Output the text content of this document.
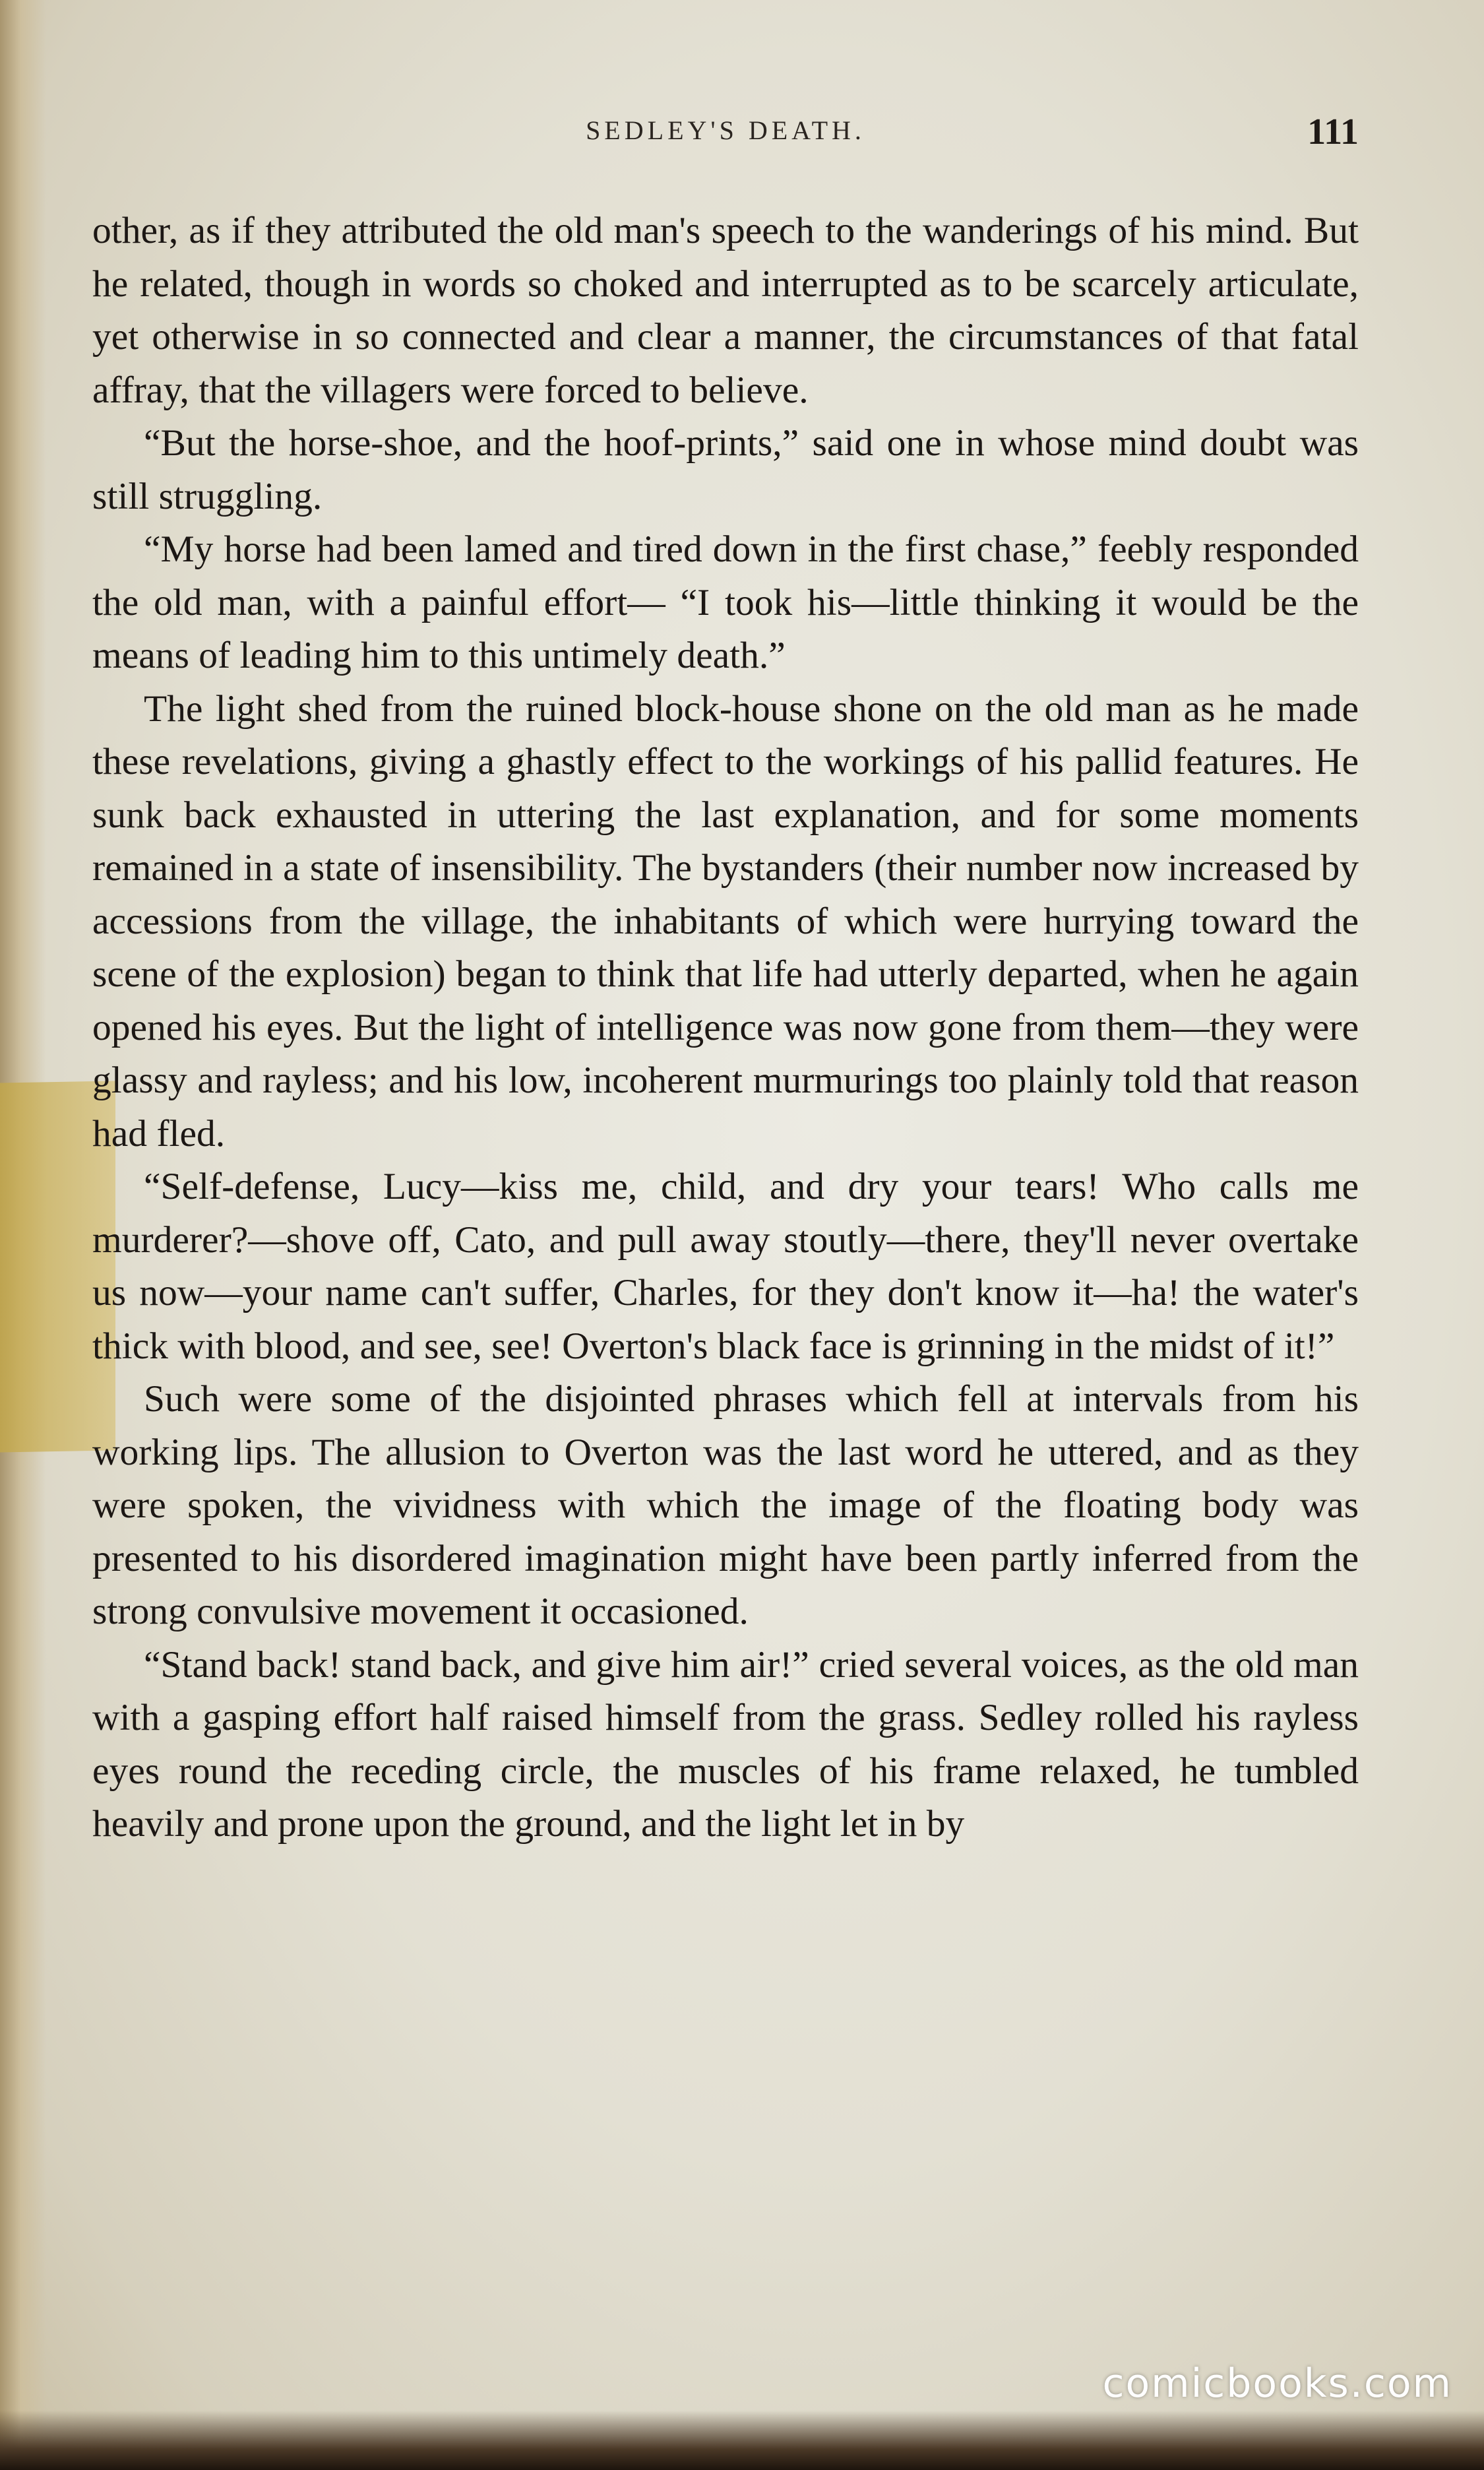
SEDLEY'S DEATH.	111

other, as if they attributed the old man's speech to the wanderings of his mind. But he related, though in words so choked and interrupted as to be scarcely articulate, yet otherwise in so connected and clear a manner, the circumstances of that fatal affray, that the villagers were forced to believe.

“But the horse-shoe, and the hoof-prints,” said one in whose mind doubt was still struggling.

“My horse had been lamed and tired down in the first chase,” feebly responded the old man, with a painful effort— “I took his—little thinking it would be the means of leading him to this untimely death.”

The light shed from the ruined block-house shone on the old man as he made these revelations, giving a ghastly effect to the workings of his pallid features. He sunk back exhausted in uttering the last explanation, and for some moments remained in a state of insensibility. The bystanders (their number now increased by accessions from the village, the inhabitants of which were hurrying toward the scene of the explosion) began to think that life had utterly departed, when he again opened his eyes. But the light of intelligence was now gone from them—they were glassy and rayless; and his low, incoherent murmurings too plainly told that reason had fled.

“Self-defense, Lucy—kiss me, child, and dry your tears! Who calls me murderer?—shove off, Cato, and pull away stoutly—there, they'll never overtake us now—your name can't suffer, Charles, for they don't know it—ha! the water's thick with blood, and see, see! Overton's black face is grinning in the midst of it!”

Such were some of the disjointed phrases which fell at intervals from his working lips. The allusion to Overton was the last word he uttered, and as they were spoken, the vividness with which the image of the floating body was presented to his disordered imagination might have been partly inferred from the strong convulsive movement it occasioned.

“Stand back! stand back, and give him air!” cried several voices, as the old man with a gasping effort half raised himself from the grass. Sedley rolled his rayless eyes round the receding circle, the muscles of his frame relaxed, he tumbled heavily and prone upon the ground, and the light let in by

comicbooks.com
